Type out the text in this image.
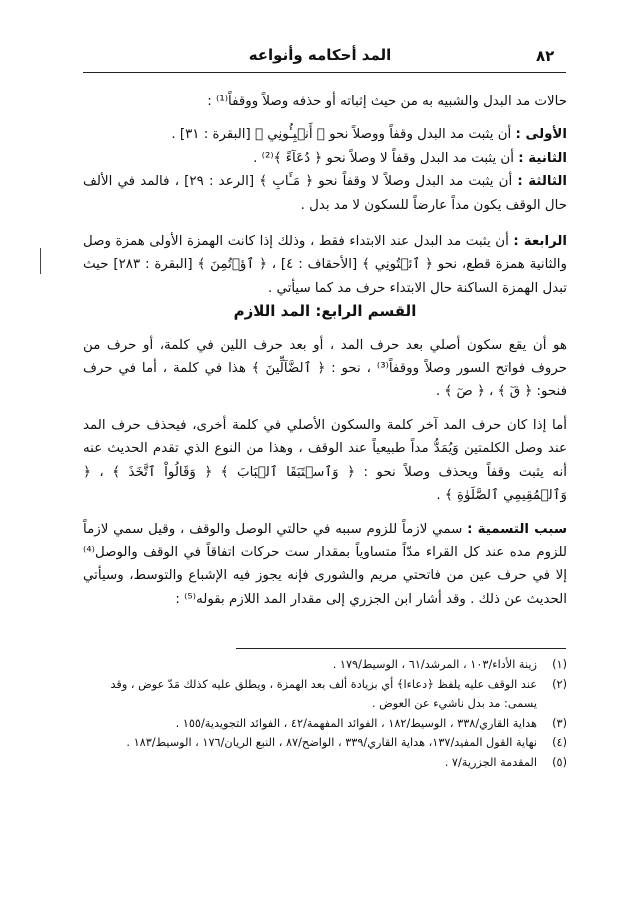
المد أحكامه وأنواعه	٨٢

حالات مد البدل والشبيه به من حيث إثباته أو حذفه وصلاً ووقفاً⁽¹⁾ :

الأولى : أن يثبت مد البدل وقفاً ووصلاً نحو ﴿ أَنۢبِـُٔونِي ﴾ [البقرة : ٣١] .

الثانية : أن يثبت مد البدل وقفاً لا وصلاً نحو ﴿ دُعَآءً ﴾⁽²⁾ .

الثالثة : أن يثبت مد البدل وصلاً لا وقفاً نحو ﴿ مَـَٔابِ ﴾ [الرعد : ٢٩] ، فالمد في الألف حال الوقف يكون مداً عارضاً للسكون لا مد بدل .

الرابعة : أن يثبت مد البدل عند الابتداء فقط ، وذلك إذا كانت الهمزة الأولى همزة وصل والثانية همزة قطع، نحو ﴿ ٱئۡتُونِي ﴾ [الأحقاف : ٤] ، ﴿ ٱؤۡتُمِنَ ﴾ [البقرة : ٢٨٣] حيث تبدل الهمزة الساكنة حال الابتداء حرف مد كما سيأتي .

القسم الرابع: المد اللازم

هو أن يقع سكون أصلي بعد حرف المد ، أو بعد حرف اللين في كلمة، أو حرف من حروف فواتح السور وصلاً ووقفاً⁽³⁾ ، نحو : ﴿ ٱلضَّآلِّينَ ﴾ هذا في كلمة ، أما في حرف فنحو: ﴿ قٓ ﴾ ، ﴿ صٓ ﴾ .

أما إذا كان حرف المد آخر كلمة والسكون الأصلي في كلمة أخرى، فيحذف حرف المد عند وصل الكلمتين وَيُمَدُّ مداً طبيعياً عند الوقف ، وهذا من النوع الذي تقدم الحديث عنه أنه يثبت وقفاً ويحذف وصلاً نحو : ﴿ وَٱسۡتَبَقَا ٱلۡبَابَ ﴾ ﴿ وَقَالُواْ ٱتَّخَذَ ﴾ ، ﴿ وَٱلۡمُقِيمِي ٱلصَّلَوٰةِ ﴾ .

سبب التسمية : سمي لازماً للزوم سببه في حالتي الوصل والوقف ، وقيل سمي لازماً للزوم مده عند كل القراء مدّاً متساوياً بمقدار ست حركات اتفاقاً في الوقف والوصل⁽⁴⁾ إلا في حرف عين من فاتحتي مريم والشورى فإنه يجوز فيه الإشباع والتوسط، وسيأتي الحديث عن ذلك . وقد أشار ابن الجزري إلى مقدار المد اللازم بقوله⁽⁵⁾ :

(١)
زينة الأداء/١٠٣ ، المرشد/٦١ ، الوسيط/١٧٩ .

(٢)
عند الوقف عليه يلفظ ﴿دعاءا﴾ أي بزيادة ألف بعد الهمزة ، ويطلق عليه كذلك مَدّ عوض ، وقد يسمى: مد بدل ناشيء عن العوض .

(٣)
هداية القاري/٣٣٨ ، الوسيط/١٨٢ ، الفوائد المفهمة/٤٢ ، الفوائد التجويدية/١٥٥ .

(٤)
نهاية القول المفيد/١٣٧، هداية القاري/٣٣٩ ، الواضح/٨٧ ، النبع الريان/١٧٦ ، الوسيط/١٨٣ .

(٥)
المقدمة الجزرية/٧ .
